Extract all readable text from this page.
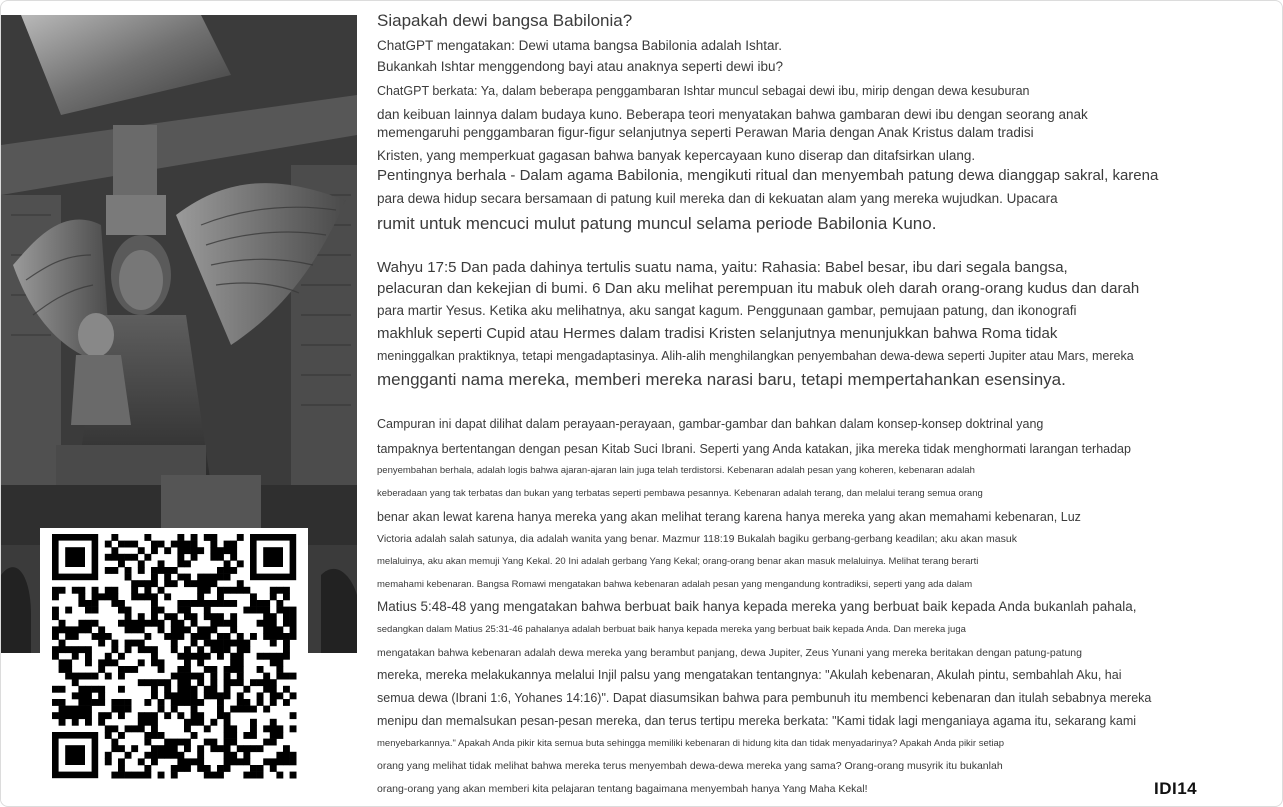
Siapakah dewi bangsa Babilonia?
ChatGPT mengatakan: Dewi utama bangsa Babilonia adalah Ishtar.
Bukankah Ishtar menggendong bayi atau anaknya seperti dewi ibu?
ChatGPT berkata: Ya, dalam beberapa penggambaran Ishtar muncul sebagai dewi ibu, mirip dengan dewa kesuburan
dan keibuan lainnya dalam budaya kuno. Beberapa teori menyatakan bahwa gambaran dewi ibu dengan seorang anak
memengaruhi penggambaran figur-figur selanjutnya seperti Perawan Maria dengan Anak Kristus dalam tradisi
Kristen, yang memperkuat gagasan bahwa banyak kepercayaan kuno diserap dan ditafsirkan ulang.
Pentingnya berhala - Dalam agama Babilonia, mengikuti ritual dan menyembah patung dewa dianggap sakral, karena
para dewa hidup secara bersamaan di patung kuil mereka dan di kekuatan alam yang mereka wujudkan. Upacara
rumit untuk mencuci mulut patung muncul selama periode Babilonia Kuno.
Wahyu 17:5 Dan pada dahinya tertulis suatu nama, yaitu: Rahasia: Babel besar, ibu dari segala bangsa,
pelacuran dan kekejian di bumi. 6 Dan aku melihat perempuan itu mabuk oleh darah orang-orang kudus dan darah
para martir Yesus. Ketika aku melihatnya, aku sangat kagum. Penggunaan gambar, pemujaan patung, dan ikonografi
makhluk seperti Cupid atau Hermes dalam tradisi Kristen selanjutnya menunjukkan bahwa Roma tidak
meninggalkan praktiknya, tetapi mengadaptasinya. Alih-alih menghilangkan penyembahan dewa-dewa seperti Jupiter atau Mars, mereka
mengganti nama mereka, memberi mereka narasi baru, tetapi mempertahankan esensinya.
Campuran ini dapat dilihat dalam perayaan-perayaan, gambar-gambar dan bahkan dalam konsep-konsep doktrinal yang
tampaknya bertentangan dengan pesan Kitab Suci Ibrani. Seperti yang Anda katakan, jika mereka tidak menghormati larangan terhadap
penyembahan berhala, adalah logis bahwa ajaran-ajaran lain juga telah terdistorsi. Kebenaran adalah pesan yang koheren, kebenaran adalah
keberadaan yang tak terbatas dan bukan yang terbatas seperti pembawa pesannya. Kebenaran adalah terang, dan melalui terang semua orang
benar akan lewat karena hanya mereka yang akan melihat terang karena hanya mereka yang akan memahami kebenaran, Luz
Victoria adalah salah satunya, dia adalah wanita yang benar. Mazmur 118:19 Bukalah bagiku gerbang-gerbang keadilan; aku akan masuk
melaluinya, aku akan memuji Yang Kekal. 20 Ini adalah gerbang Yang Kekal; orang-orang benar akan masuk melaluinya. Melihat terang berarti
memahami kebenaran. Bangsa Romawi mengatakan bahwa kebenaran adalah pesan yang mengandung kontradiksi, seperti yang ada dalam
Matius 5:48-48 yang mengatakan bahwa berbuat baik hanya kepada mereka yang berbuat baik kepada Anda bukanlah pahala,
sedangkan dalam Matius 25:31-46 pahalanya adalah berbuat baik hanya kepada mereka yang berbuat baik kepada Anda. Dan mereka juga
mengatakan bahwa kebenaran adalah dewa mereka yang berambut panjang, dewa Jupiter, Zeus Yunani yang mereka beritakan dengan patung-patung
mereka, mereka melakukannya melalui Injil palsu yang mengatakan tentangnya: "Akulah kebenaran, Akulah pintu, sembahlah Aku, hai
semua dewa (Ibrani 1:6, Yohanes 14:16)". Dapat diasumsikan bahwa para pembunuh itu membenci kebenaran dan itulah sebabnya mereka
menipu dan memalsukan pesan-pesan mereka, dan terus tertipu mereka berkata: "Kami tidak lagi menganiaya agama itu, sekarang kami
menyebarkannya." Apakah Anda pikir kita semua buta sehingga memiliki kebenaran di hidung kita dan tidak menyadarinya? Apakah Anda pikir setiap
orang yang melihat tidak melihat bahwa mereka terus menyembah dewa-dewa mereka yang sama? Orang-orang musyrik itu bukanlah
orang-orang yang akan memberi kita pelajaran tentang bagaimana menyembah hanya Yang Maha Kekal!	IDI14
